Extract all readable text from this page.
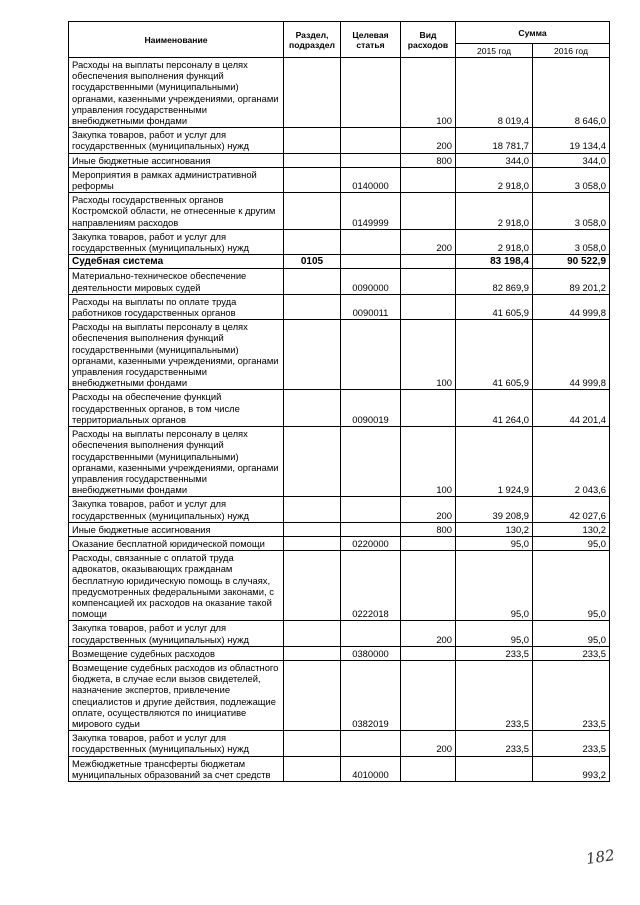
Наименование	Раздел, подраздел	Целевая статья	Вид расходов	Сумма	
				2015 год	2016 год
Расходы на выплаты персоналу в целях обеспечения выполнения функций государственными (муниципальными) органами, казенными учреждениями, органами управления государственными внебюджетными фондами			100	8 019,4	8 646,0
Закупка товаров, работ и услуг для государственных (муниципальных) нужд			200	18 781,7	19 134,4
Иные бюджетные ассигнования			800	344,0	344,0
Мероприятия в рамках административной реформы		0140000		2 918,0	3 058,0
Расходы государственных органов Костромской области, не отнесенные к другим направлениям расходов		0149999		2 918,0	3 058,0
Закупка товаров, работ и услуг для государственных (муниципальных) нужд			200	2 918,0	3 058,0
Судебная система	0105			83 198,4	90 522,9
Материально-техническое обеспечение деятельности мировых судей		0090000		82 869,9	89 201,2
Расходы на выплаты по оплате труда работников государственных органов		0090011		41 605,9	44 999,8
Расходы на выплаты персоналу в целях обеспечения выполнения функций государственными (муниципальными) органами, казенными учреждениями, органами управления государственными внебюджетными фондами			100	41 605,9	44 999,8
Расходы на обеспечение функций государственных органов, в том числе территориальных органов		0090019		41 264,0	44 201,4
Расходы на выплаты персоналу в целях обеспечения выполнения функций государственными (муниципальными) органами, казенными учреждениями, органами управления государственными внебюджетными фондами			100	1 924,9	2 043,6
Закупка товаров, работ и услуг для государственных (муниципальных) нужд			200	39 208,9	42 027,6
Иные бюджетные ассигнования			800	130,2	130,2
Оказание бесплатной юридической помощи		0220000		95,0	95,0
Расходы, связанные с оплатой труда адвокатов, оказывающих гражданам бесплатную юридическую помощь в случаях, предусмотренных федеральными законами, с компенсацией их расходов на оказание такой помощи		0222018		95,0	95,0
Закупка товаров, работ и услуг для государственных (муниципальных) нужд			200	95,0	95,0
Возмещение судебных расходов		0380000		233,5	233,5
Возмещение судебных расходов из областного бюджета, в случае если вызов свидетелей, назначение экспертов, привлечение специалистов и другие действия, подлежащие оплате, осуществляются по инициативе мирового судьи		0382019		233,5	233,5
Закупка товаров, работ и услуг для государственных (муниципальных) нужд			200	233,5	233,5
Межбюджетные трансферты бюджетам муниципальных образований за счет средств		4010000			993,2
182
